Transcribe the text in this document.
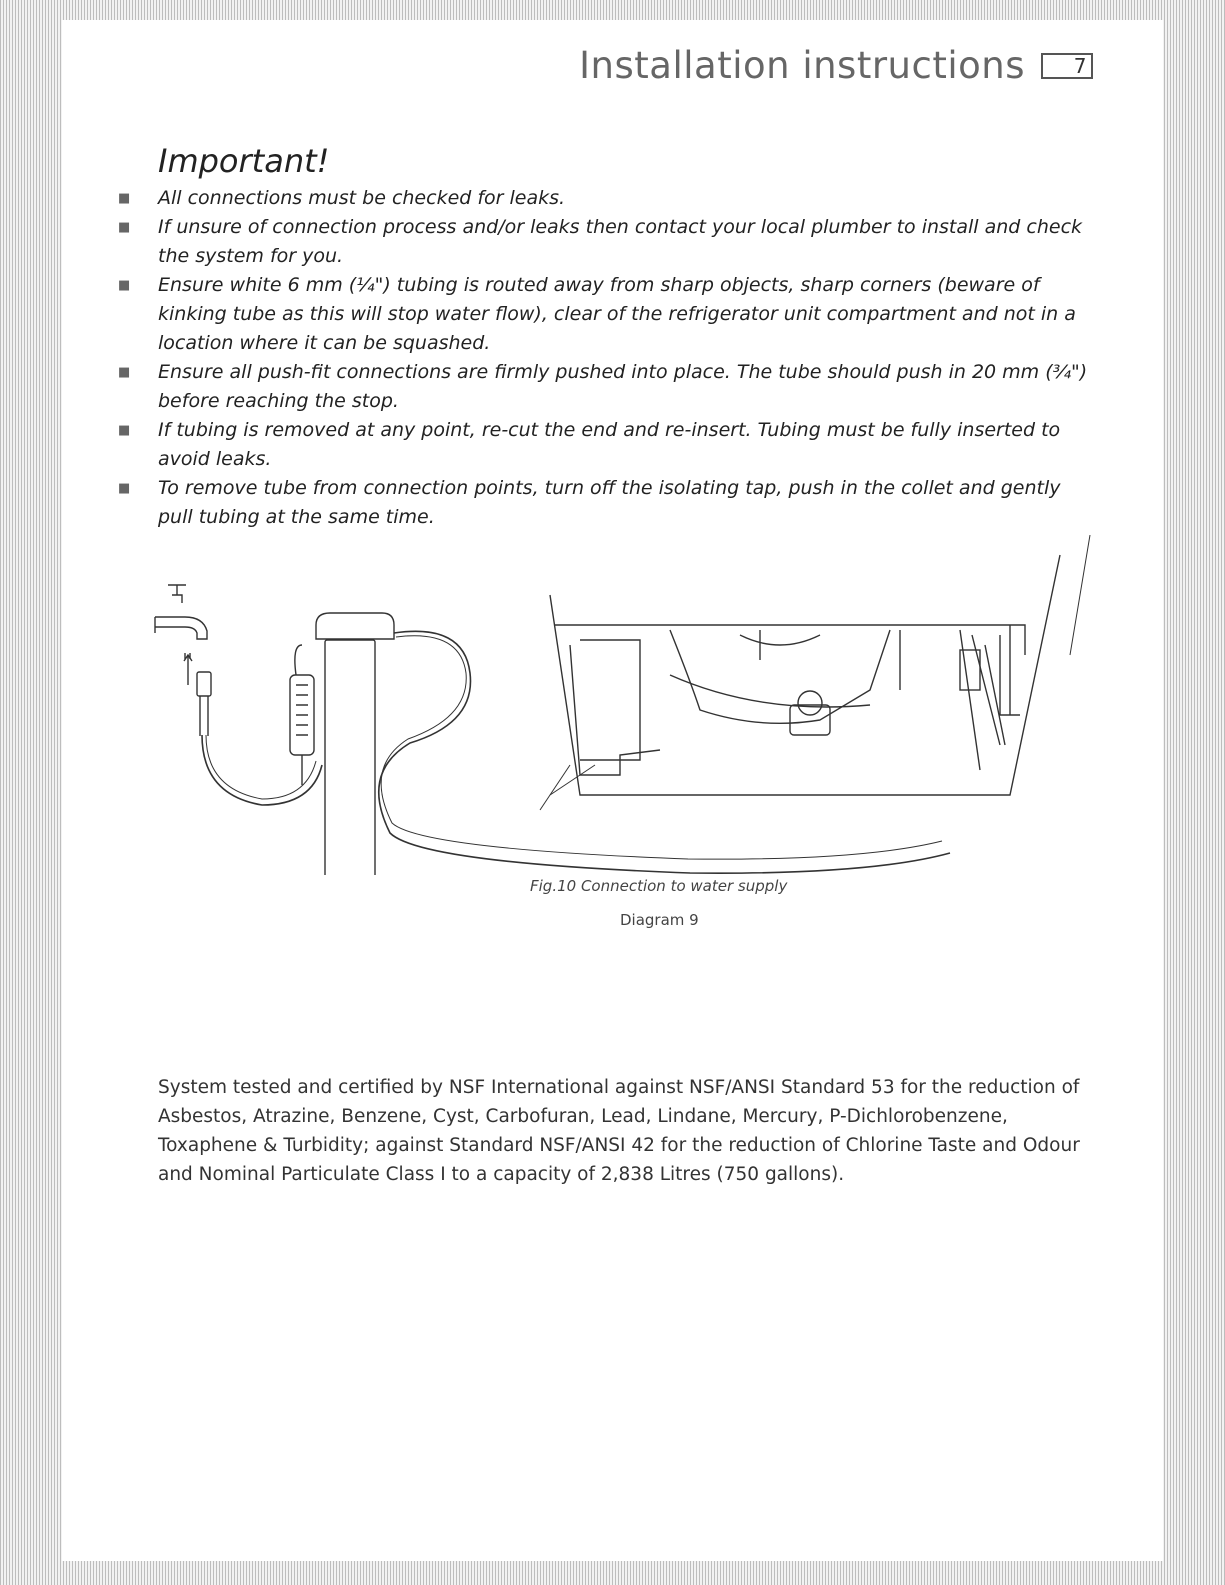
Installation instructions	7
Important!
■ All connections must be checked for leaks.
■ If unsure of connection process and/or leaks then contact your local plumber to install and check the system for you.
■ Ensure white 6 mm (¼") tubing is routed away from sharp objects, sharp corners (beware of kinking tube as this will stop water flow), clear of the refrigerator unit compartment and not in a location where it can be squashed.
■ Ensure all push-fit connections are firmly pushed into place. The tube should push in 20 mm (¾") before reaching the stop.
■ If tubing is removed at any point, re-cut the end and re-insert. Tubing must be fully inserted to avoid leaks.
■ To remove tube from connection points, turn off the isolating tap, push in the collet and gently pull tubing at the same time.
Fig.10 Connection to water supply
Diagram 9
System tested and certified by NSF International against NSF/ANSI Standard 53 for the reduction of Asbestos, Atrazine, Benzene, Cyst, Carbofuran, Lead, Lindane, Mercury, P-Dichlorobenzene, Toxaphene & Turbidity; against Standard NSF/ANSI 42 for the reduction of Chlorine Taste and Odour and Nominal Particulate Class I to a capacity of 2,838 Litres (750 gallons).
